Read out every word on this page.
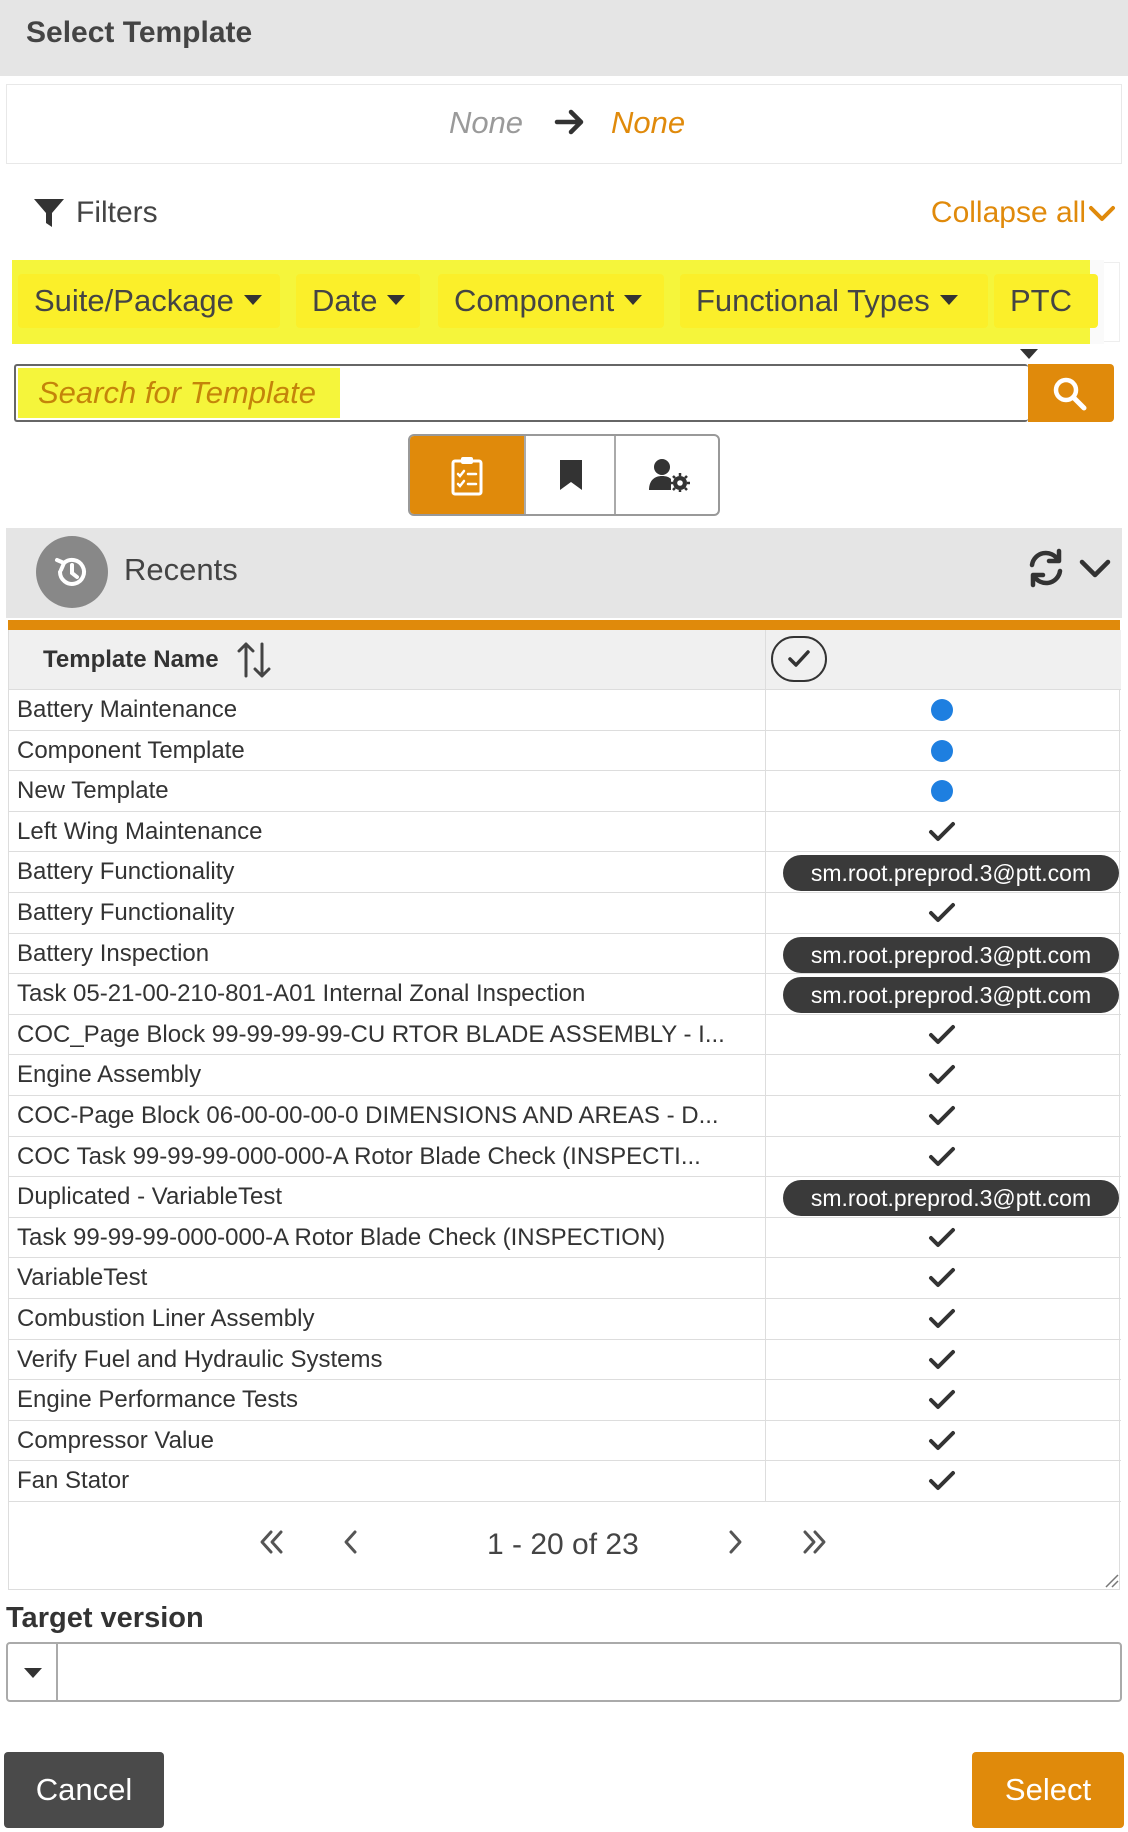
Select Template
None	None
Filters	Collapse all
Suite/Package	Date	Component	Functional Types	PTC
Search for Template
Recents
Template Name
Battery Maintenance
Component Template
New Template
Left Wing Maintenance
Battery Functionality	sm.root.preprod.3@ptt.com
Battery Functionality
Battery Inspection	sm.root.preprod.3@ptt.com
Task 05-21-00-210-801-A01 Internal Zonal Inspection	sm.root.preprod.3@ptt.com
COC_Page Block 99-99-99-99-CU RTOR BLADE ASSEMBLY - I...
Engine Assembly
COC-Page Block 06-00-00-00-0 DIMENSIONS AND AREAS - D...
COC Task 99-99-99-000-000-A Rotor Blade Check (INSPECTI...
Duplicated - VariableTest	sm.root.preprod.3@ptt.com
Task 99-99-99-000-000-A Rotor Blade Check (INSPECTION)
VariableTest
Combustion Liner Assembly
Verify Fuel and Hydraulic Systems
Engine Performance Tests
Compressor Value
Fan Stator
1 - 20 of 23
Target version
Cancel	Select
